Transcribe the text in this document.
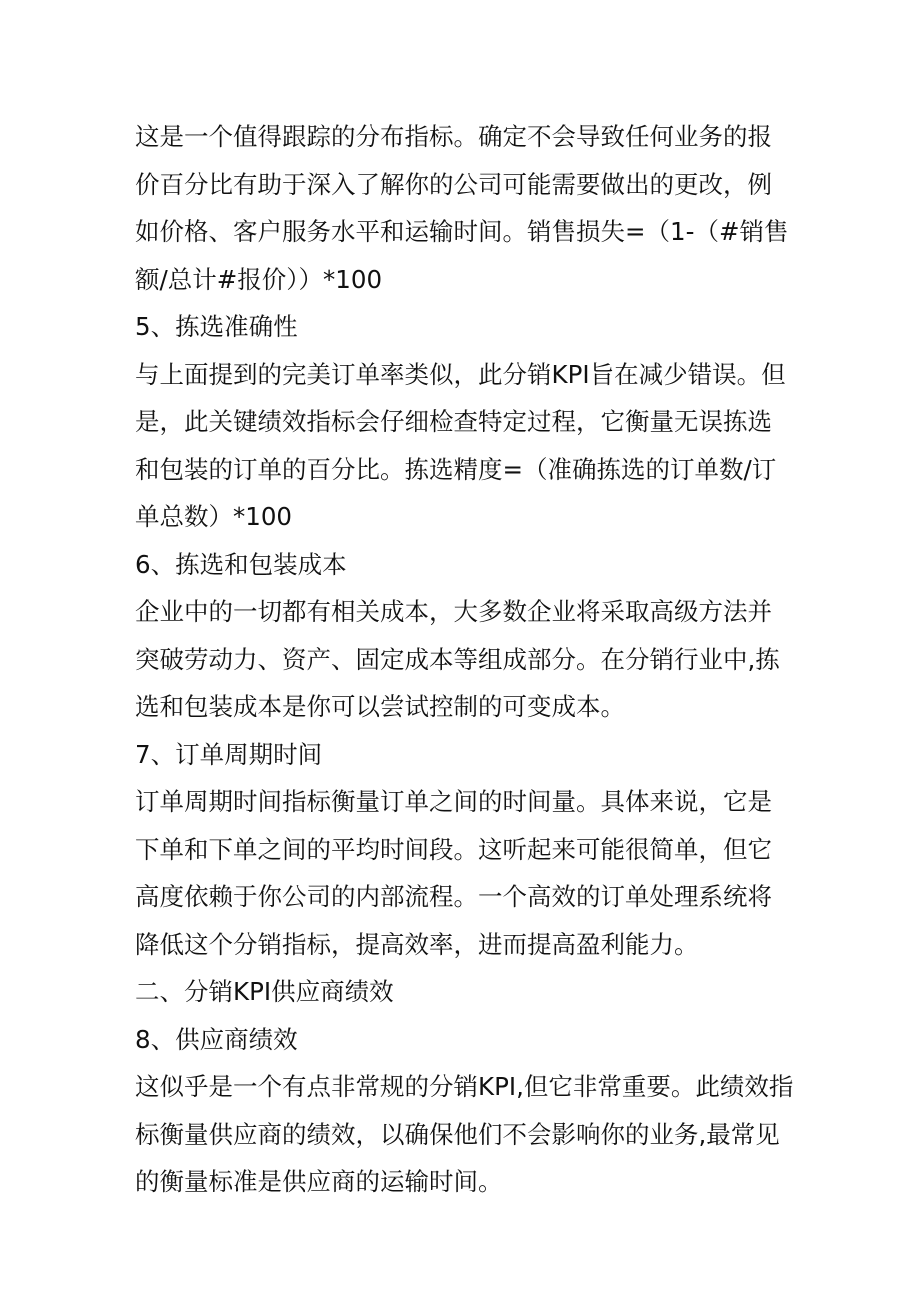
这是一个值得跟踪的分布指标。确定不会导致任何业务的报价百分比有助于深入了解你的公司可能需要做出的更改，例如价格、客户服务水平和运输时间。销售损失=（1-（#销售额/总计#报价））*100

5、拣选准确性

与上面提到的完美订单率类似，此分销KPI旨在减少错误。但是，此关键绩效指标会仔细检查特定过程，它衡量无误拣选和包装的订单的百分比。拣选精度=（准确拣选的订单数/订单总数）*100

6、拣选和包装成本

企业中的一切都有相关成本，大多数企业将采取高级方法并突破劳动力、资产、固定成本等组成部分。在分销行业中,拣选和包装成本是你可以尝试控制的可变成本。

7、订单周期时间

订单周期时间指标衡量订单之间的时间量。具体来说，它是下单和下单之间的平均时间段。这听起来可能很简单，但它高度依赖于你公司的内部流程。一个高效的订单处理系统将降低这个分销指标，提高效率，进而提高盈利能力。

二、分销KPI供应商绩效

8、供应商绩效

这似乎是一个有点非常规的分销KPI,但它非常重要。此绩效指标衡量供应商的绩效，以确保他们不会影响你的业务,最常见的衡量标准是供应商的运输时间。
